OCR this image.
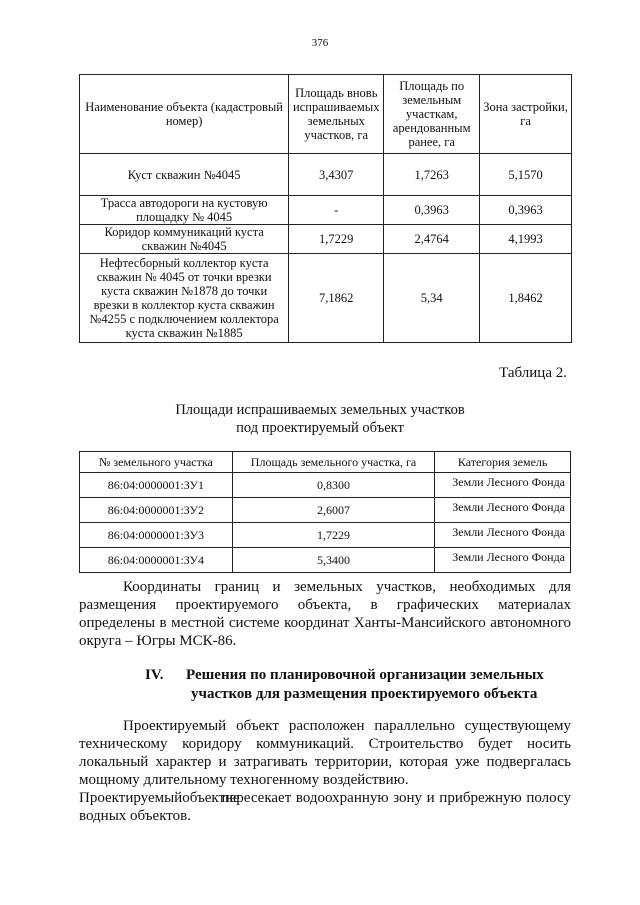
376
Наименование объекта (кадастровый номер)	Площадь вновь испрашиваемых земельных участков, га	Площадь по земельным участкам, арендованным ранее, га	Зона застройки, га
Куст скважин №4045	3,4307	1,7263	5,1570
Трасса автодороги на кустовую площадку № 4045	-	0,3963	0,3963
Коридор коммуникаций куста скважин №4045	1,7229	2,4764	4,1993
Нефтесборный коллектор куста скважин № 4045 от точки врезки куста скважин №1878 до точки врезки в коллектор куста скважин №4255 с подключением коллектора куста скважин №1885	7,1862	5,34	1,8462
Таблица 2.
Площади испрашиваемых земельных участков
под проектируемый объект
№ земельного участка	Площадь земельного участка, га	Категория земель
86:04:0000001:ЗУ1	0,8300	Земли Лесного Фонда
86:04:0000001:ЗУ2	2,6007	Земли Лесного Фонда
86:04:0000001:ЗУ3	1,7229	Земли Лесного Фонда
86:04:0000001:ЗУ4	5,3400	Земли Лесного Фонда

Координаты границ и земельных участков, необходимых для размещения проектируемого объекта, в графических материалах определены в местной системе координат Ханты-Мансийского автономного округа – Югры МСК-86.

IV. Решения по планировочной организации земельных
участков для размещения проектируемого объекта

Проектируемый объект расположен параллельно существующему техническому коридору коммуникаций. Строительство будет носить локальный характер и затрагивать территории, которая уже подвергалась мощному длительному техногенному воздействию.

Проектируемыйобъектне пересекает водоохранную зону и прибрежную полосу водных объектов.
